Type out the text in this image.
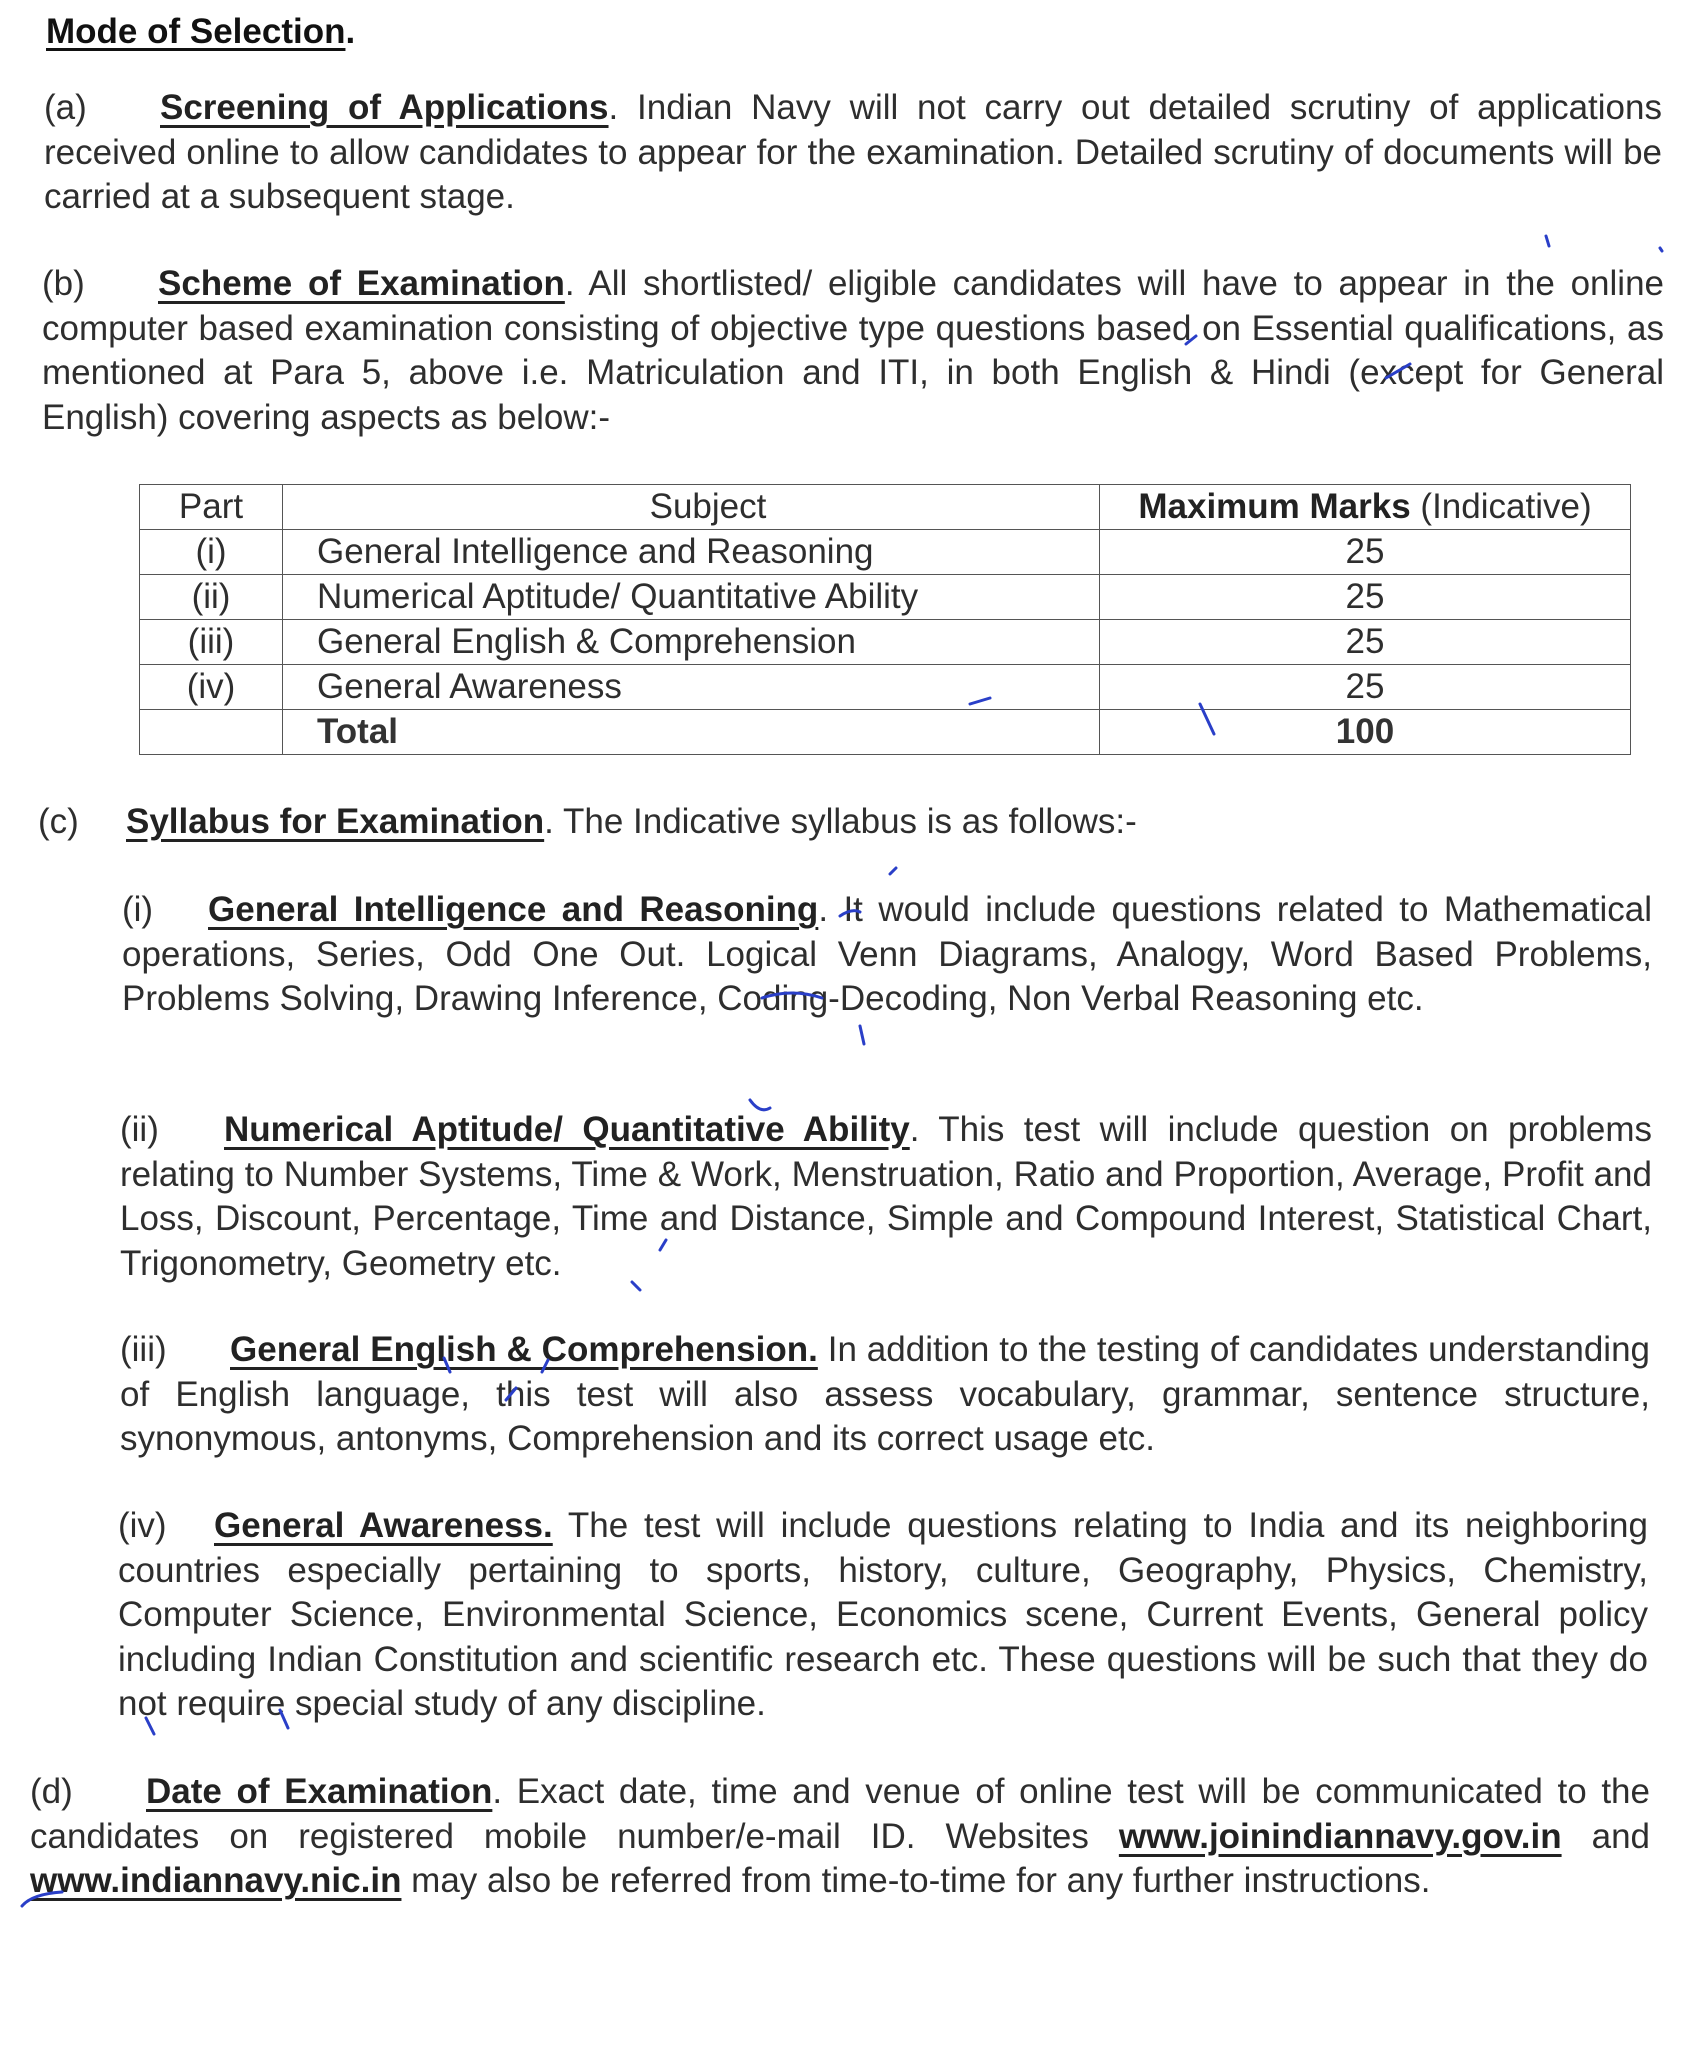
Mode of Selection.
(a) Screening of Applications. Indian Navy will not carry out detailed scrutiny of applications received online to allow candidates to appear for the examination. Detailed scrutiny of documents will be carried at a subsequent stage.
(b) Scheme of Examination. All shortlisted/ eligible candidates will have to appear in the online computer based examination consisting of objective type questions based on Essential qualifications, as mentioned at Para 5, above i.e. Matriculation and ITI, in both English & Hindi (except for General English) covering aspects as below:-
Part	Subject	Maximum Marks (Indicative)
(i)	General Intelligence and Reasoning	25
(ii)	Numerical Aptitude/ Quantitative Ability	25
(iii)	General English & Comprehension	25
(iv)	General Awareness	25
	Total	100
(c) Syllabus for Examination. The Indicative syllabus is as follows:-
(i) General Intelligence and Reasoning. It would include questions related to Mathematical operations, Series, Odd One Out. Logical Venn Diagrams, Analogy, Word Based Problems, Problems Solving, Drawing Inference, Coding-Decoding, Non Verbal Reasoning etc.
(ii) Numerical Aptitude/ Quantitative Ability. This test will include question on problems relating to Number Systems, Time & Work, Menstruation, Ratio and Proportion, Average, Profit and Loss, Discount, Percentage, Time and Distance, Simple and Compound Interest, Statistical Chart, Trigonometry, Geometry etc.
(iii) General English & Comprehension. In addition to the testing of candidates understanding of English language, this test will also assess vocabulary, grammar, sentence structure, synonymous, antonyms, Comprehension and its correct usage etc.
(iv) General Awareness. The test will include questions relating to India and its neighboring countries especially pertaining to sports, history, culture, Geography, Physics, Chemistry, Computer Science, Environmental Science, Economics scene, Current Events, General policy including Indian Constitution and scientific research etc. These questions will be such that they do not require special study of any discipline.
(d) Date of Examination. Exact date, time and venue of online test will be communicated to the candidates on registered mobile number/e-mail ID. Websites www.joinindiannavy.gov.in and www.indiannavy.nic.in may also be referred from time-to-time for any further instructions.
